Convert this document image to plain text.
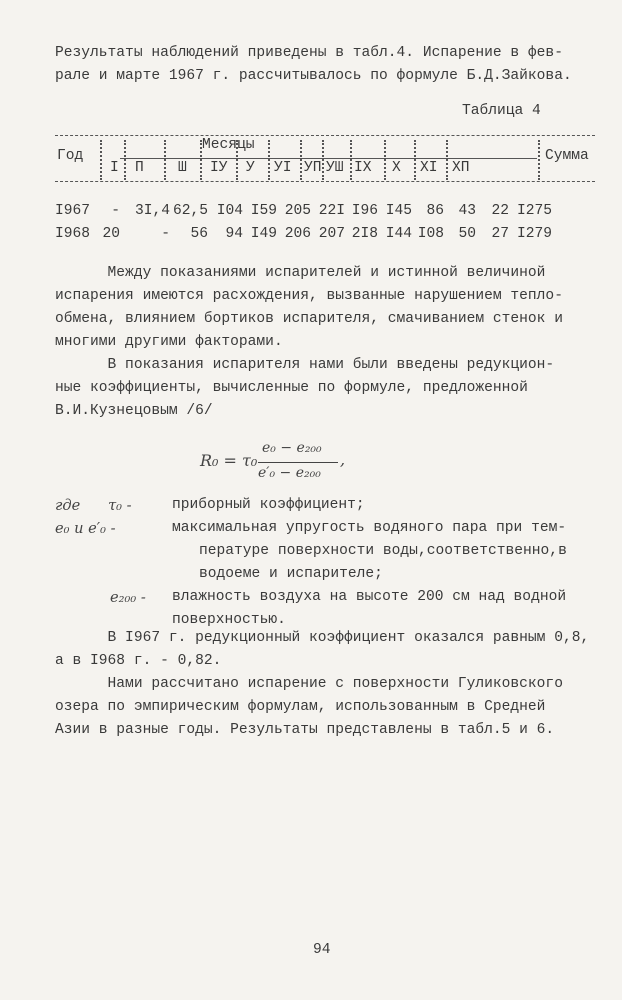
Результаты наблюдений приведены в табл.4. Испарение в фев-
рале и марте 1967 г. рассчитывалось по формуле Б.Д.Зайкова.
Таблица 4
Год
Месяцы
Сумма
I П Ш IУ У УI УП УШ IX X XI XП
I967 - 3I,4 62,5 I04 I59 205 22I I96 I45 86 43 22 I275
I968 20	- 56 94 I49 206 207 2I8 I44 I08 50 27 I279
Между показаниями испарителей и истинной величиной
испарения имеются расхождения, вызванные нарушением тепло-
обмена, влиянием бортиков испарителя, смачиванием стенок и
многими другими факторами.
В показания испарителя нами были введены редукцион-
ные коэффициенты, вычисленные по формуле, предложенной
В.И.Кузнецовым /6/
R₀ = τ₀
e₀ − e₂₀₀
e′₀ − e₂₀₀
,
где      τ₀ -	приборный коэффициент;
e₀ и e′₀ -	максимальная упругость водяного пара при тем-
пературе поверхности воды,соответственно,в
водоеме и испарителе;
e₂₀₀ - влажность воздуха на высоте 200 см над водной
поверхностью.
В I967 г. редукционный коэффициент оказался равным 0,8,
а в I968 г. - 0,82.
Нами рассчитано испарение с поверхности Гуликовского
озера по эмпирическим формулам, использованным в Средней
Азии в разные годы. Результаты представлены в табл.5 и 6.
94
